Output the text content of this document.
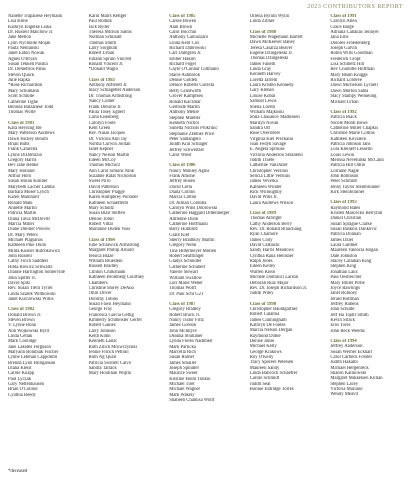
2023 CONTRIBUTORS REPORT
Nanette Trapanese Heymann
Lisa Kline
Kathryn Engelke Liska
Dr. Russell Malchow Jr.
Jane Mellon
Lynn Nycholde Mojak
Paula Nenninski
Janet Eaton Nowak
Agnes O'Bryan
Susan Tekkeh Pasilla
Dr. Demetrios Patus
Steven Quack
Julie Rapka
*Rose Richardson
Mary Schumann
Scott Schiblle
Catherine Tighe
Belinda Balzanese Todd
Thomas Wolfe
Class of 1981
Kara Heyning Ide
Mary Patterson Andrews
Dawn Hickey Bloom
Brian Butts
Frank Cafarella
Lynne DiDomizio
Gregory Harris
Bev Jane Henke
Mary Holland
Arthur Horn
Susan Horan Kollner
Marybeth Lacher Lamba
Barbara Moser Lynch
Karen Mainhard
Ronald Maki
Annette Martin
Patricia Martin
Diana Tavia McDevitt
Marcia Miller
Diane Dreiller Powers
Dr. Mary Peters
Michael Plagianos
Kathleen Pike Dunn
Milita Kusner Rutchkowicz
John Russell
Cathy Finch Saddlers
Hilda Rowicz Schwartz
Dianne Harrington Somerville
John Spitter Jr.
David Spitz
Rev. Susan Trelli Tyrrel
Linda Szarek Wittkowski
Janet Kurczewski Willis
Class of 1982
Donald Brown Jr.
Steven Brown
V. Lynne Bunn
Ann Wojkowski Byrd
Linda Cetlak
Mark Coolidge
Jane Lakides Ferguson
Maryann Bolubiak Fischer
Lynne Lehman Cappotimi
Brenda Lynn Hilliganson
Diana Kleist
Carole Knapp
Paul Lyczak
Gary Nettenhausen
Brian O'Connor
Cynthia Reedy
Karin Marrs Rettger
Paul Rudnik
Jack Ryder
Theresa Michon Saltos
Norman Schlaubt
Thomas Smith
Larry Sorghum
Robert Urban
Juliann Sprain Vincent
Ronald Vincent Jr.
*Donald Waglo
Class of 1983
Anthony Afflerett Jr.
Stacy Schlagetter Anderson
Dr. Thomas Armstrong
Nancy Comer
Frank DeSimo Jr.
Paula Tosey Egbert
Carla Eisenberg
Carolyn Foote
Kent Green
Rev. Nasas Jacques
Dr. Victoria Ann Jay
Norma Curwin Jordan
Janet Kepner
Nancy Nelson Martin
Eileen McCoy
Thomas Michicz
Ann Carol Simons Nink
Suzanne Rafat Nicholson
Sweet Pirro
David Patterson
Christopher Plagge
Karen Humphrey Pursiner
Kathleen Schaefferm
Mary Schultz
Susan Blair Steffen
Denise Tobin
Robert Vittal
Marianne Dudek Voss
Class of 1984
Julie Schlawick Armstrong
Margaret Phillip Arnold
Jessica Blaze
William Bluestein
Russell Bradley
Clinton Cruikshank
Kathleen Bromberg Courtney
Chambers
Christine Storey DeAno
Ollin Driver
Dorothy Tobins
Susan Fawn Heymann
George Fray
Francesca Garcia Gettig
Kimberly Schmeisler Gerfel
Robert Gaines
Larry Johnson
Keith Kohn
Kenneth Lastic
Ruth Zilich Mrowczynski
Jennie Frinch Petroni
Ruth Ng Quail
Patricia Swittell Calvo
Sandra Tarlack
Mary Houlihan Wojtla
Class of 1985
Carole Bowen
Alan Brown
Carol Bocchin
Anthony Cannizzaro
Linda Kent Cox
Richard Dabrowski
Carl Dahlgren Jr.
Ember Hakim
Richard Fogel
Gayle O'Connor Gillmann
Stacie Ashbrook
Denise Golden
Denice Roberts Gorecki
Betty Grantwirth
Grover Kampfsen
Ronald Kaczmar
Gertrude Martin
Anthony Mehle
Stephen Mueller
Kenneth Nichol
Sunetta Nichols Prokrinic
Stephanie Zentner Price
Peter Santangelo
Judith Kral Schlager
Jeffrey Schweitzer
Carol Wiest
Class of 1986
Nancy Mohley Agins
Frank Amone
Jeffrey Busen
David Certa
Diana Collins
Marcia Cotton
Dr. Adrian Cordoba
Carolyn Wills Dobrowski
Catherine Haggard Dittenberger
Adrienne Dunn
Catherine Hoffmann
Barry Hubbard
Grant Kief
Sherry Bradbury Martin
Gregory Nemi
Tina Hittermeyer Mollen
Robert Seafflinger
Gladys Schindler
Catherine Schubert
Valerie Stewart
William Swallow
Lori Marie Weber
Thomas Wolff
Dr. Paul Schl G21
Class of 1987
Gregory Bradley
Robert Bruck Jr.
Nancy Tudor Fritz
James Gordon
John McIntyre
Deanna Shullaner
Lynda Flores Nadlmeir
Mark Parlicka
Marcella Rich
Susan Romer
James Smaller
Joseph Spindler
Maurice Sweet
Kristine Holm Tonkin
Michael Tirer
Michael Wagner
Mark Wakely
Shaheen Chamisa Wolff
Orlena Byrum Wynn
Linda Zillner
Class of 1988
Michelle Wagemann Barrett
Dawn McKeever Baney
Teresa Casarza Beaver
Eugene Dzingeleski Jr.
Thomas Dzingeleski
James Fanelli
Linda Gray
Kenneth Harvey
Loretta Jafrem
Laura Kristen Kennedy
Gary Kleban
Louise Kobal
Samuel Lewis
Sheila Loreto
William Majkoski
Shila Chasanov Mathiesen
Marilyn Novak
Sandra Ott
Rose Overstreet
Virginia Kiel Preckalla
Joan Fedyk Savage
E. Angela Sprouse
Victoria Anderson Seranello
Judith Thiele
Catherine VanDuzer
Christopher Versluis
Selicia Little Versluis
James Veverka
Kathleen Winder
Rick Willoughby
David Wills Jr.
Laura Andrews Wilson
Class of 1989
Thomas Albright
Cathy Anderson Berry
Rev. Dr. Ronald Brauchang
Ryan Chamore
James Cody
David Grabacki
Sandy Harris Meadows
Cynthia Rana Heinsner
Ralph Jones
Eileen Kelley
Warren Klein
Michele Dominici Larson
Deborah Ruiz Major
Rev. Dr. Joseph Richardson Jr.
Judith Wiley
Class of 1990
Christopher Baumgartner
Robert Calamia
James Cunningham
Kathryn De Fontes
Marcia Nelson Dergan
Raymond Doble
Denise Jones
Michael Kelly
George Krakows
Roy O'Kelly
Tracy Sporeer Petersen
Maureen Sandy
Linda Babcock Schaeffer
Carole Schmidt
Judith Seal
Bonnie Eldridge Torres
Class of 1991
Carolyn Allen
Grace Barge
Adriana Cabanas Tennyer
Jana Ellis
Dolores Froedenberg
Joseph Galvin
Robin Wills Goodman
Frederick Gropf
Lisa Schmelz Hill
Bev Charlotte Hoffman
Mary Beam Knigge
Richard Lordeve
Dawn Michelson Lycnell
Dawn Morton Sabla
Stacy Stampy Weineling
Michael Urban
Class of 1992
Patricia Black
Nicole Monti Bowe
Catherine Miller Chapkis
Christine Marie Collins
Kathleen Kovaleck
Patricia Johnson Jans
Lora Kleinert Lesselin
Louis Lewin
Melissa Nevelutski McCann
Patricia Hill Odrio
Lorraine Nagle
John Robinson
Peter Schmidt
Jenny Taylor Steinbrunner
Kirk Steinbrunner
Class of 1993
Raymond Bates
Kristen Mascecko Berryhill
Daniel Christian
Susan Sprague Clarke
Susan Baskins Dankovic
Patricia Donnan
James Dziel
Laura Gardner
Maureen Valencia Hogan
Dale Johnston
Stacey Callahan King
Stephen King
Jonathan Laux
Paul Oestreicher
Mary Bibler Pirtle
Joyce Rawlings
Janet Rolnoey
Jerald Rottman
Jeffrey Rubens
John Schulte
Jeff Ha Tajdir Smith
Kevin Strack
Eros Tores
John Beck Weems
Class of 1994
Jeffrey Anderson
Susan Werner Eckhart
Carol Carbeck Forster
Judith Hakami
Michael Hergenreck
Sharon Kalinowski
Margaret Mikkelsen Killian
Stephen Lacey
Victoria Mariano
Wendy Meavit
*deceased
